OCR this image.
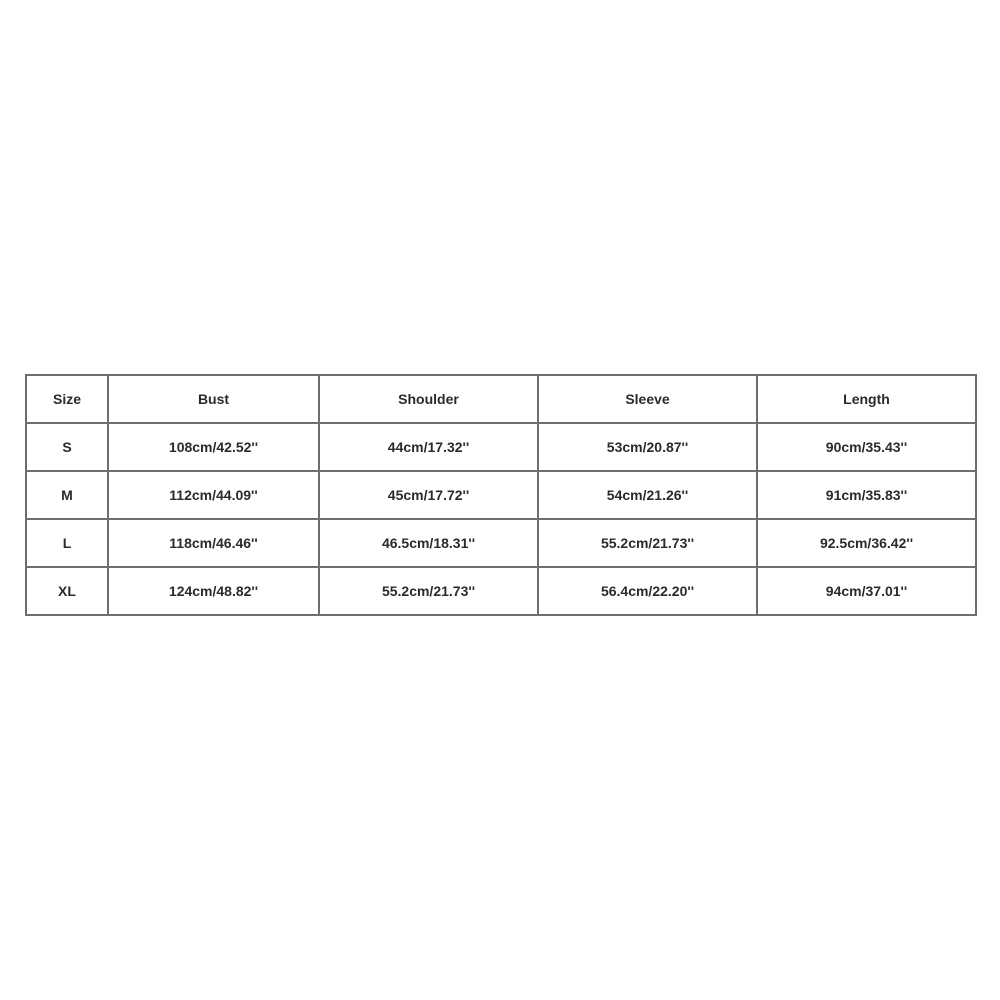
Size	Bust	Shoulder	Sleeve	Length
S	108cm/42.52''	44cm/17.32''	53cm/20.87''	90cm/35.43''
M	112cm/44.09''	45cm/17.72''	54cm/21.26''	91cm/35.83''
L	118cm/46.46''	46.5cm/18.31''	55.2cm/21.73''	92.5cm/36.42''
XL	124cm/48.82''	55.2cm/21.73''	56.4cm/22.20''	94cm/37.01''
